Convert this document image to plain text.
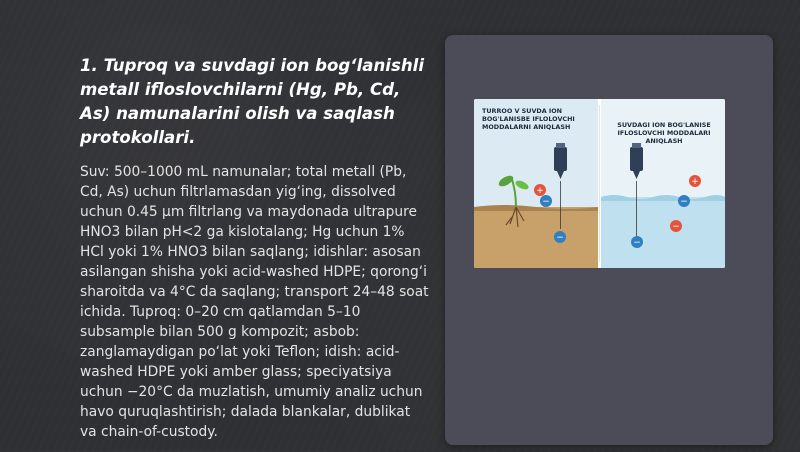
1. Tuproq va suvdagi ion bog‘lanishli metall ifloslovchilarni (Hg, Pb, Cd, As) namunalarini olish va saqlash protokollari.

Suv: 500–1000 mL namunalar; total metall (Pb, Cd, As) uchun filtrlamasdan yig‘ing, dissolved uchun 0.45 µm filtrlang va maydonada ultrapure HNO3 bilan pH<2 ga kislotalang; Hg uchun 1% HCl yoki 1% HNO3 bilan saqlang; idishlar: asosan asilangan shisha yoki acid-washed HDPE; qorong‘i sharoitda va 4°C da saqlang; transport 24–48 soat ichida. Tuproq: 0–20 cm qatlamdan 5–10 subsample bilan 500 g kompozit; asbob: zanglamaydigan po‘lat yoki Teflon; idish: acid-washed HDPE yoki amber glass; speciyatsiya uchun −20°C da muzlatish, umumiy analiz uchun havo quruqlashtirish; dalada blankalar, dublikat va chain-of-custody.

+
−
−
+
−
−
−
TURROO V SUVDA ION BOG'LANISBE IFLOLOVCHI MODDALARNI ANIQLASH	SUVDAGI ION BOG'LANISE IFLOSLOVCHI MODDALARI ANIQLASH
